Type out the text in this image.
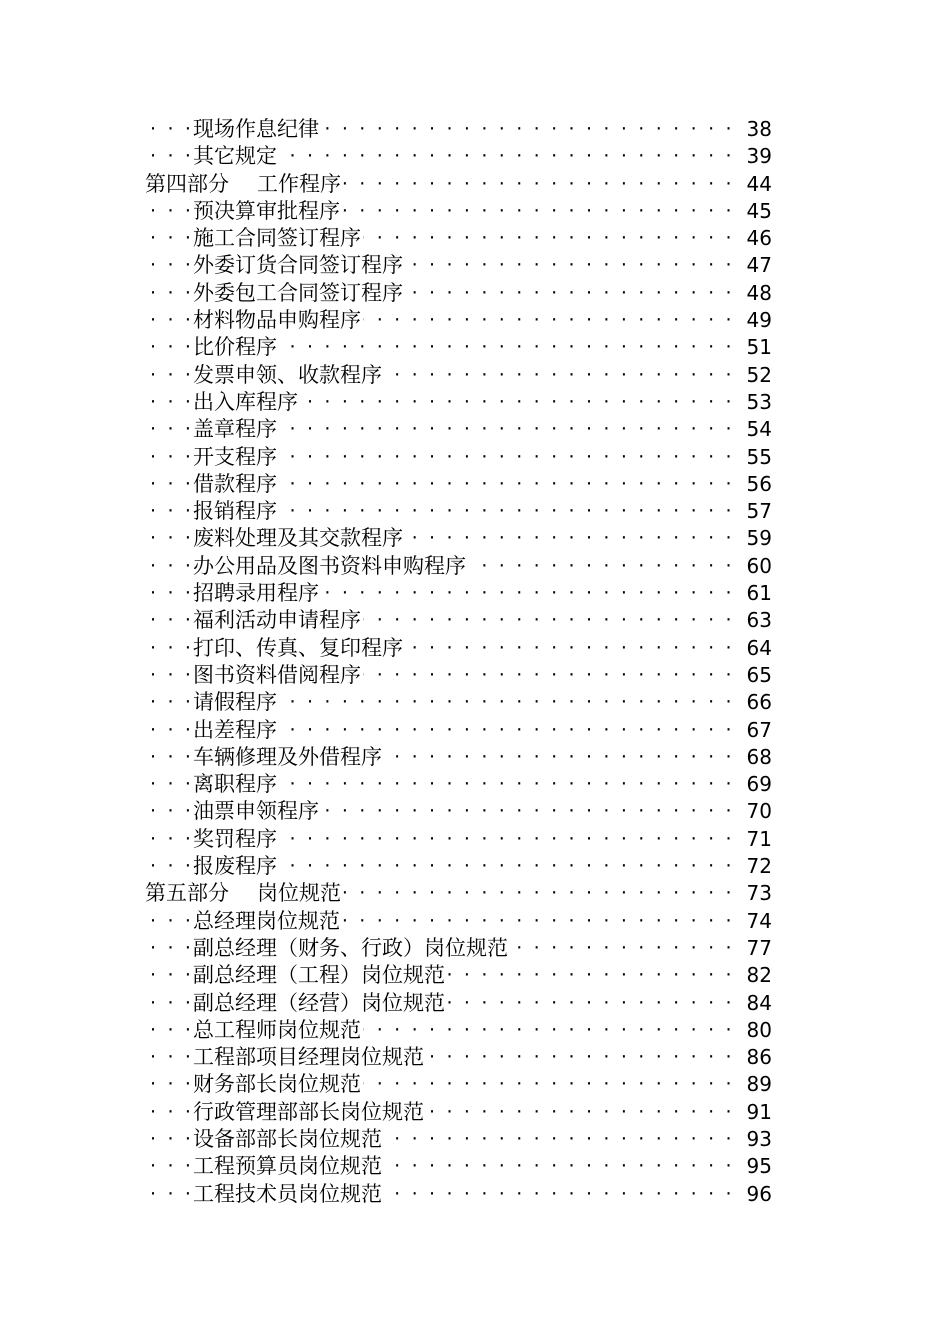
·····
现场作息纪律	38
·····
其它规定	39
·····
第四部分 工作程序	44
·····
预决算审批程序	45
·····
施工合同签订程序	46
·····
外委订货合同签订程序	47
·····
外委包工合同签订程序	48
·····
材料物品申购程序	49
·····
比价程序	51
·····
发票申领、收款程序	52
·····
出入库程序	53
·····
盖章程序	54
·····
开支程序	55
·····
借款程序	56
·····
报销程序	57
·····
废料处理及其交款程序	59
·····
办公用品及图书资料申购程序	60
·····
招聘录用程序	61
·····
福利活动申请程序	63
·····
打印、传真、复印程序	64
·····
图书资料借阅程序	65
·····
请假程序	66
·····
出差程序	67
·····
车辆修理及外借程序	68
·····
离职程序	69
·····
油票申领程序	70
·····
奖罚程序	71
·····
报废程序	72
·····
第五部分 岗位规范	73
·····
总经理岗位规范	74
·····
副总经理（财务、行政）岗位规范	77
·····
副总经理（工程）岗位规范	82
·····
副总经理（经营）岗位规范	84
·····
总工程师岗位规范	80
·····
工程部项目经理岗位规范	86
·····
财务部长岗位规范	89
·····
行政管理部部长岗位规范	91
·····
设备部部长岗位规范	93
·····
工程预算员岗位规范	95
·····
工程技术员岗位规范	96
